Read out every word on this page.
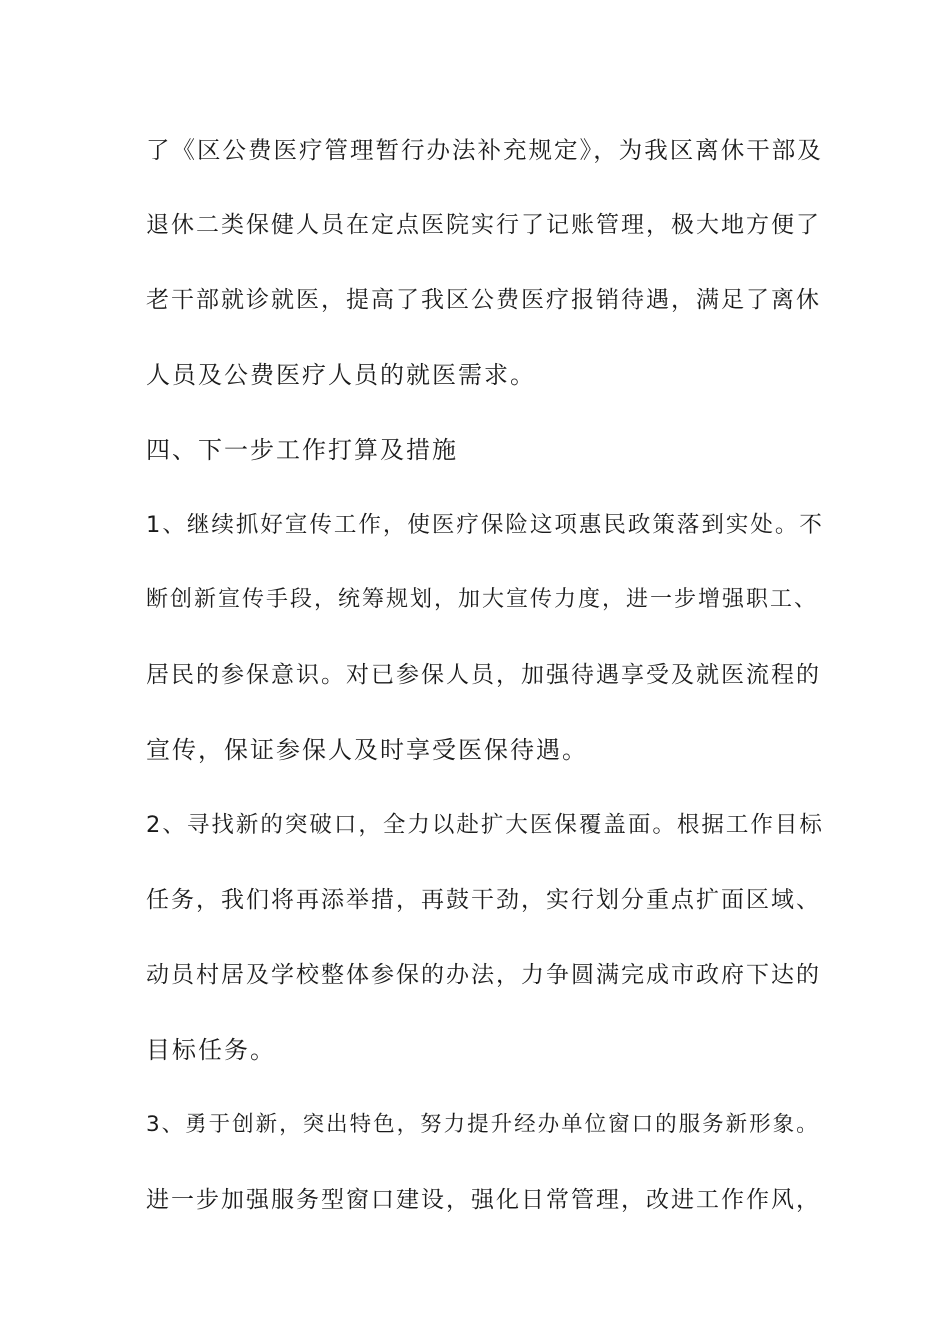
了《区公费医疗管理暂行办法补充规定》，为我区离休干部及
退休二类保健人员在定点医院实行了记账管理，极大地方便了
老干部就诊就医，提高了我区公费医疗报销待遇，满足了离休
人员及公费医疗人员的就医需求。
四、下一步工作打算及措施
1、继续抓好宣传工作，使医疗保险这项惠民政策落到实处。不
断创新宣传手段，统筹规划，加大宣传力度，进一步增强职工、
居民的参保意识。对已参保人员，加强待遇享受及就医流程的
宣传，保证参保人及时享受医保待遇。
2、寻找新的突破口，全力以赴扩大医保覆盖面。根据工作目标
任务，我们将再添举措，再鼓干劲，实行划分重点扩面区域、
动员村居及学校整体参保的办法，力争圆满完成市政府下达的
目标任务。
3、勇于创新，突出特色，努力提升经办单位窗口的服务新形象。
进一步加强服务型窗口建设，强化日常管理，改进工作作风，
